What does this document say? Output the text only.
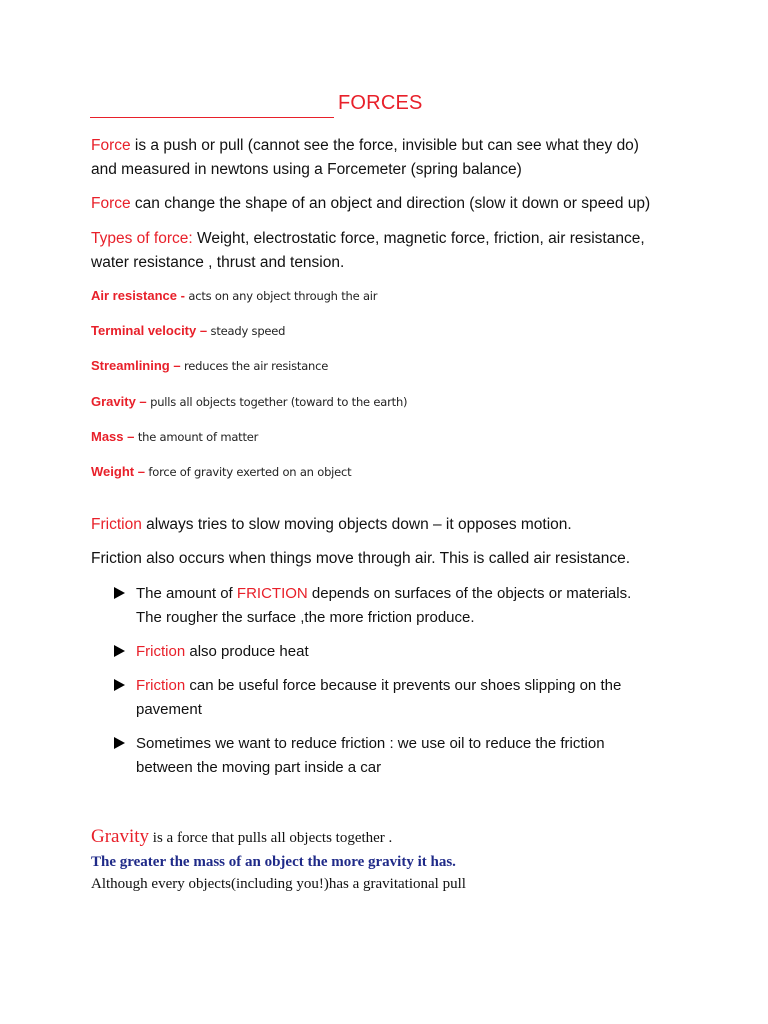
FORCES
Force is a push or pull (cannot see the force, invisible but can see what they do)
and measured in newtons using a Forcemeter (spring balance)
Force can change the shape of an object and direction (slow it down or speed up)
Types of force: Weight, electrostatic force, magnetic force, friction, air resistance,
water resistance , thrust and tension.
Air resistance - acts on any object through the air
Terminal velocity – steady speed
Streamlining – reduces the air resistance
Gravity – pulls all objects together (toward to the earth)
Mass – the amount of matter
Weight – force of gravity exerted on an object
Friction always tries to slow moving objects down – it opposes motion.
Friction also occurs when things move through air. This is called air resistance.
The amount of FRICTION depends on surfaces of the objects or materials.
The rougher the surface ,the more friction produce.
Friction also produce heat
Friction can be useful force because it prevents our shoes slipping on the
pavement
Sometimes we want to reduce friction : we use oil to reduce the friction
between the moving part inside a car
Gravity is a force that pulls all objects together .
The greater the mass of an object the more gravity it has.
Although every objects(including you!)has a gravitational pull
